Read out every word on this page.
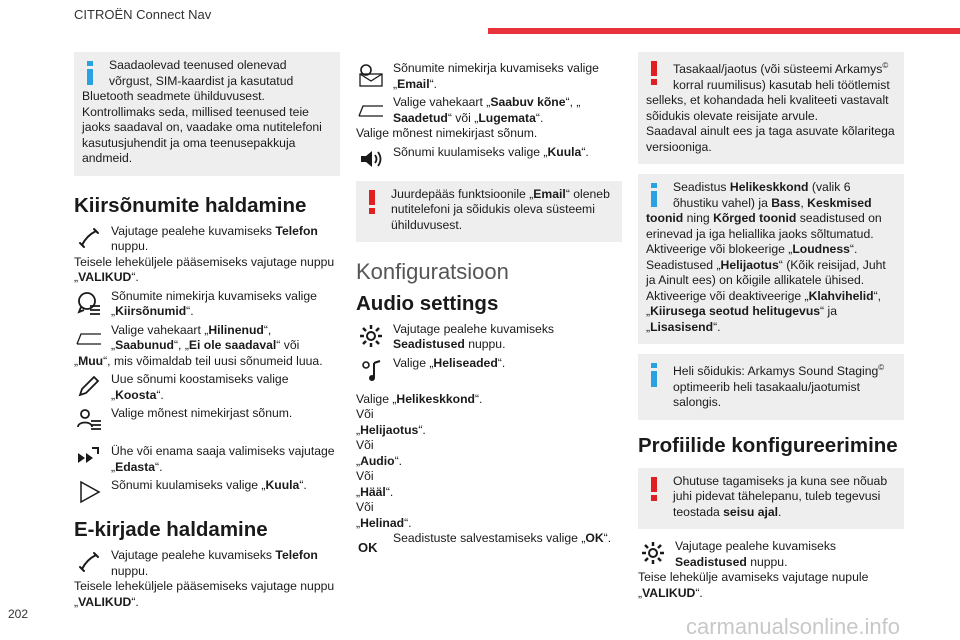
CITROËN Connect Nav

Saadaolevad teenused olenevad võrgust, SIM-kaardist ja kasutatud

Bluetooth seadmete ühilduvusest. Kontrollimaks seda, millised teenused teie jaoks saadaval on, vaadake oma nutitelefoni kasutusjuhendit ja oma teenusepakkuja andmeid.

Kiirsõnumite haldamine
Vajutage pealehe kuvamiseks Telefon nuppu.
Teisele leheküljele pääsemiseks vajutage nuppu „VALIKUD“.
Sõnumite nimekirja kuvamiseks valige „Kiirsõnumid“.
Valige vahekaart „Hilinenud“, „Saabunud“, „Ei ole saadaval“ või
„Muu“, mis võimaldab teil uusi sõnumeid luua.
Uue sõnumi koostamiseks valige „Koosta“.
Valige mõnest nimekirjast sõnum.
Ühe või enama saaja valimiseks vajutage „Edasta“.
Sõnumi kuulamiseks valige „Kuula“.
E-kirjade haldamine
Vajutage pealehe kuvamiseks Telefon nuppu.
Teisele leheküljele pääsemiseks vajutage nuppu „VALIKUD“.
Sõnumite nimekirja kuvamiseks valige „Email“.
Valige vahekaart „Saabuv kõne“, „ Saadetud“ või „Lugemata“.
Valige mõnest nimekirjast sõnum.
Sõnumi kuulamiseks valige „Kuula“.

Juurdepääs funktsioonile „Email“ oleneb

nutitelefoni ja sõidukis oleva süsteemi ühilduvusest.

Konfiguratsioon
Audio settings
Vajutage pealehe kuvamiseks Seadistused nuppu.
Valige „Heliseaded“.
Valige „Helikeskkond“.
Või
„Helijaotus“.
Või
„Audio“.
Või
„Hääl“.
Või
„Helinad“.
OK
Seadistuste salvestamiseks valige „OK“.

Tasakaal/jaotus (või süsteemi Arkamys© korral ruumilisus) kasutab heli töötlemist

selleks, et kohandada heli kvaliteeti vastavalt sõidukis olevate reisijate arvule.

Saadaval ainult ees ja taga asuvate kõlaritega versiooniga.

Seadistus Helikeskkond (valik 6 õhustiku vahel) ja Bass, Keskmised

toonid ning Kõrged toonid seadistused on erinevad ja iga heliallika jaoks sõltumatud.

Aktiveerige või blokeerige „Loudness“.

Seadistused „Helijaotus“ (Kõik reisijad, Juht ja Ainult ees) on kõigile allikatele ühised.

Aktiveerige või deaktiveerige „Klahvihelid“, „Kiirusega seotud helitugevus“ ja

„Lisasisend“.

Heli sõidukis: Arkamys Sound Staging©

optimeerib heli tasakaalu/jaotumist salongis.

Profiilide konfigureerimine

Ohutuse tagamiseks ja kuna see nõuab juhi pidevat tähelepanu, tuleb tegevusi teostada seisu ajal.

Vajutage pealehe kuvamiseks Seadistused nuppu.
Teise lehekülje avamiseks vajutage nupule „VALIKUD“.
202	carmanualsonline.info
